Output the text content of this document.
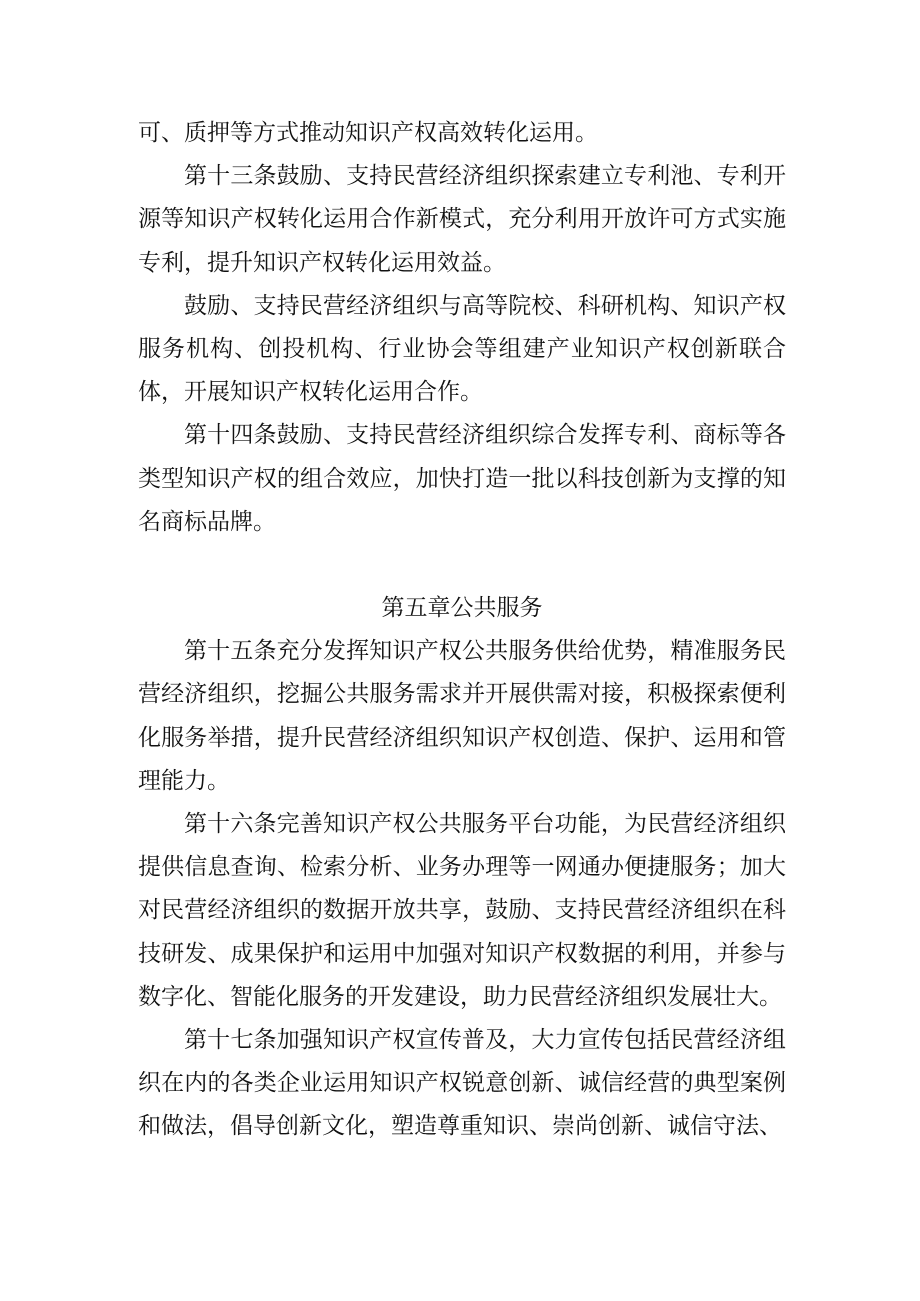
可、质押等方式推动知识产权高效转化运用。

第十三条鼓励、支持民营经济组织探索建立专利池、专利开源等知识产权转化运用合作新模式，充分利用开放许可方式实施专利，提升知识产权转化运用效益。

鼓励、支持民营经济组织与高等院校、科研机构、知识产权服务机构、创投机构、行业协会等组建产业知识产权创新联合体，开展知识产权转化运用合作。

第十四条鼓励、支持民营经济组织综合发挥专利、商标等各类型知识产权的组合效应，加快打造一批以科技创新为支撑的知名商标品牌。

第五章公共服务

第十五条充分发挥知识产权公共服务供给优势，精准服务民营经济组织，挖掘公共服务需求并开展供需对接，积极探索便利化服务举措，提升民营经济组织知识产权创造、保护、运用和管理能力。

第十六条完善知识产权公共服务平台功能，为民营经济组织提供信息查询、检索分析、业务办理等一网通办便捷服务；加大对民营经济组织的数据开放共享，鼓励、支持民营经济组织在科技研发、成果保护和运用中加强对知识产权数据的利用，并参与数字化、智能化服务的开发建设，助力民营经济组织发展壮大。

第十七条加强知识产权宣传普及，大力宣传包括民营经济组织在内的各类企业运用知识产权锐意创新、诚信经营的典型案例和做法，倡导创新文化，塑造尊重知识、崇尚创新、诚信守法、
